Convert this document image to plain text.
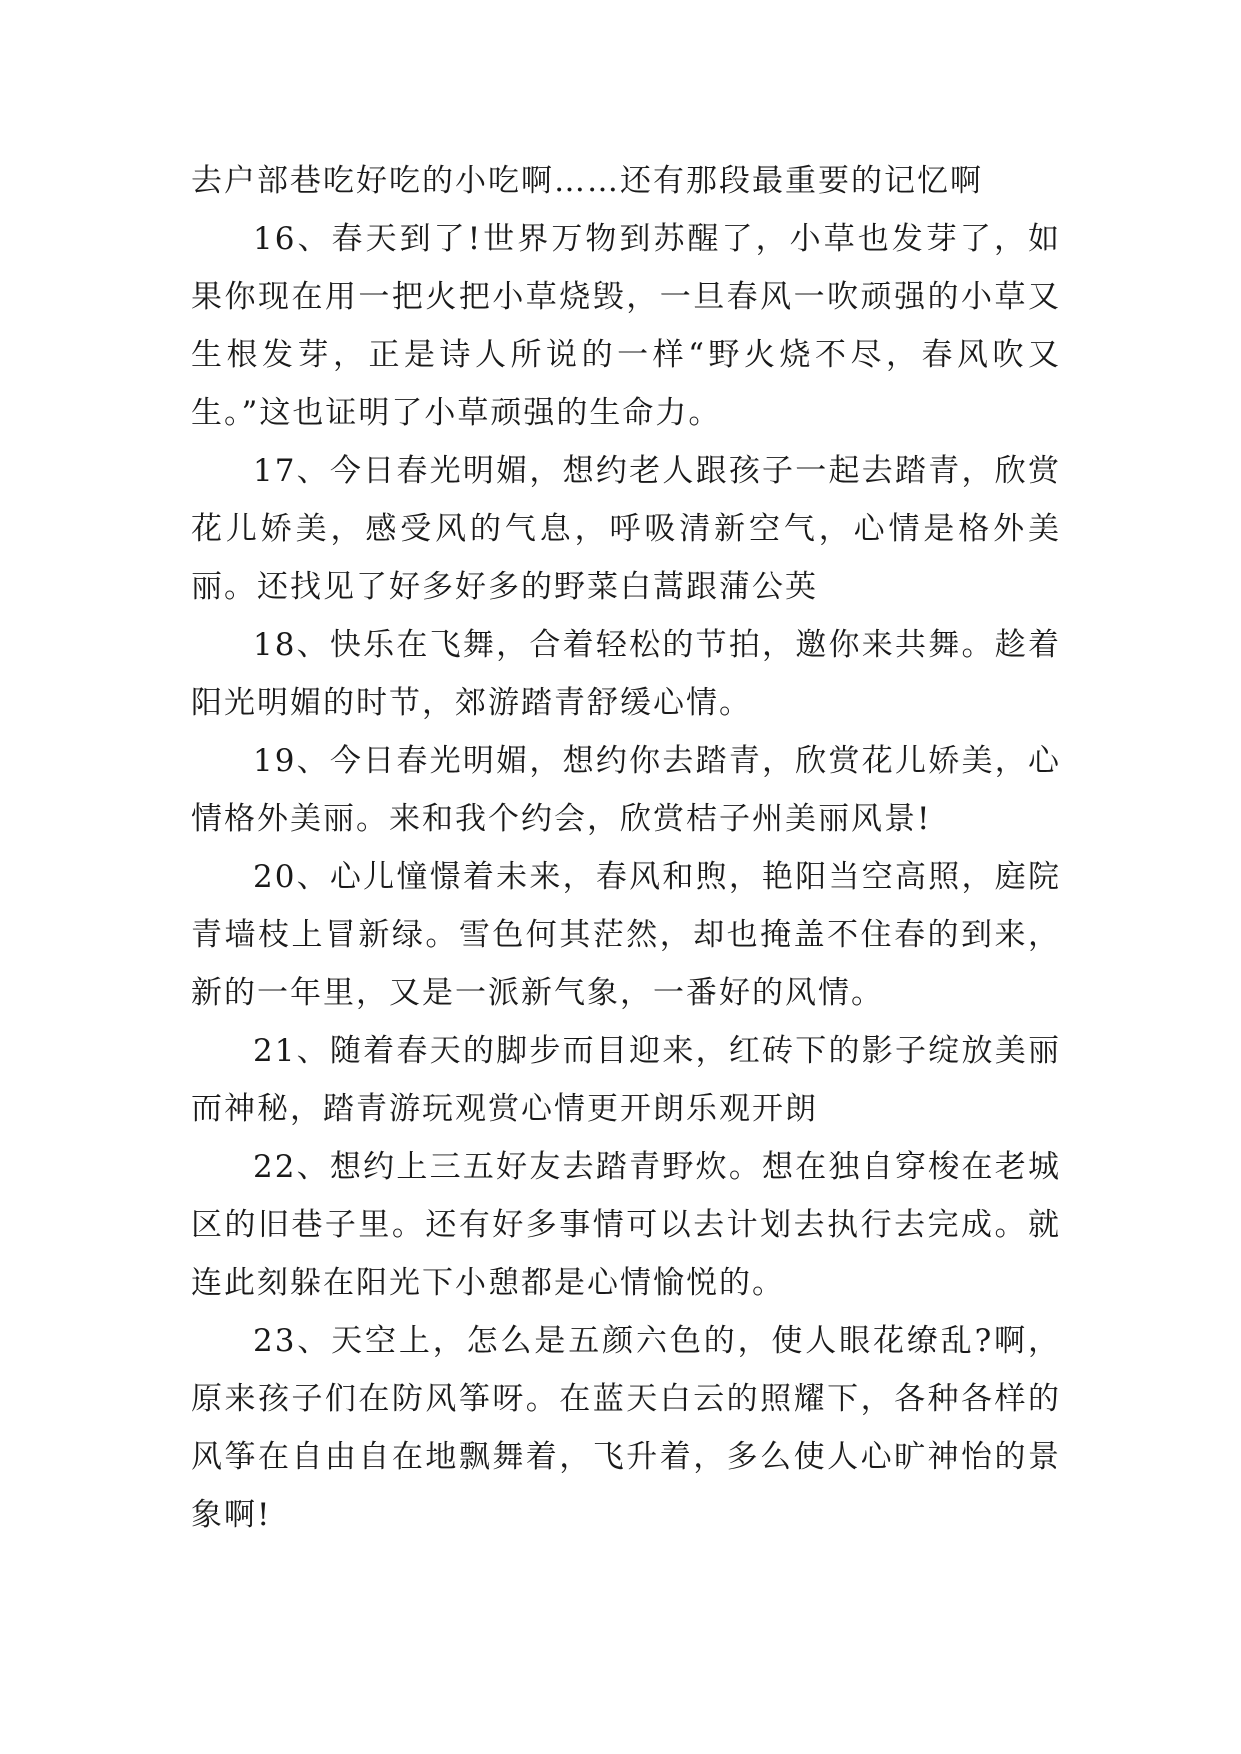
去户部巷吃好吃的小吃啊……还有那段最重要的记忆啊

16、春天到了!世界万物到苏醒了，小草也发芽了，如果你现在用一把火把小草烧毁，一旦春风一吹顽强的小草又生根发芽，正是诗人所说的一样“野火烧不尽，春风吹又生。”这也证明了小草顽强的生命力。

17、今日春光明媚，想约老人跟孩子一起去踏青，欣赏花儿娇美，感受风的气息，呼吸清新空气，心情是格外美丽。还找见了好多好多的野菜白蒿跟蒲公英

18、快乐在飞舞，合着轻松的节拍，邀你来共舞。趁着阳光明媚的时节，郊游踏青舒缓心情。

19、今日春光明媚，想约你去踏青，欣赏花儿娇美，心情格外美丽。来和我个约会，欣赏桔子州美丽风景!

20、心儿憧憬着未来，春风和煦，艳阳当空高照，庭院青墙枝上冒新绿。雪色何其茫然，却也掩盖不住春的到来，新的一年里，又是一派新气象，一番好的风情。

21、随着春天的脚步而目迎来，红砖下的影子绽放美丽而神秘，踏青游玩观赏心情更开朗乐观开朗

22、想约上三五好友去踏青野炊。想在独自穿梭在老城区的旧巷子里。还有好多事情可以去计划去执行去完成。就连此刻躲在阳光下小憩都是心情愉悦的。

23、天空上，怎么是五颜六色的，使人眼花缭乱?啊，原来孩子们在防风筝呀。在蓝天白云的照耀下，各种各样的风筝在自由自在地飘舞着，飞升着，多么使人心旷神怡的景象啊!
